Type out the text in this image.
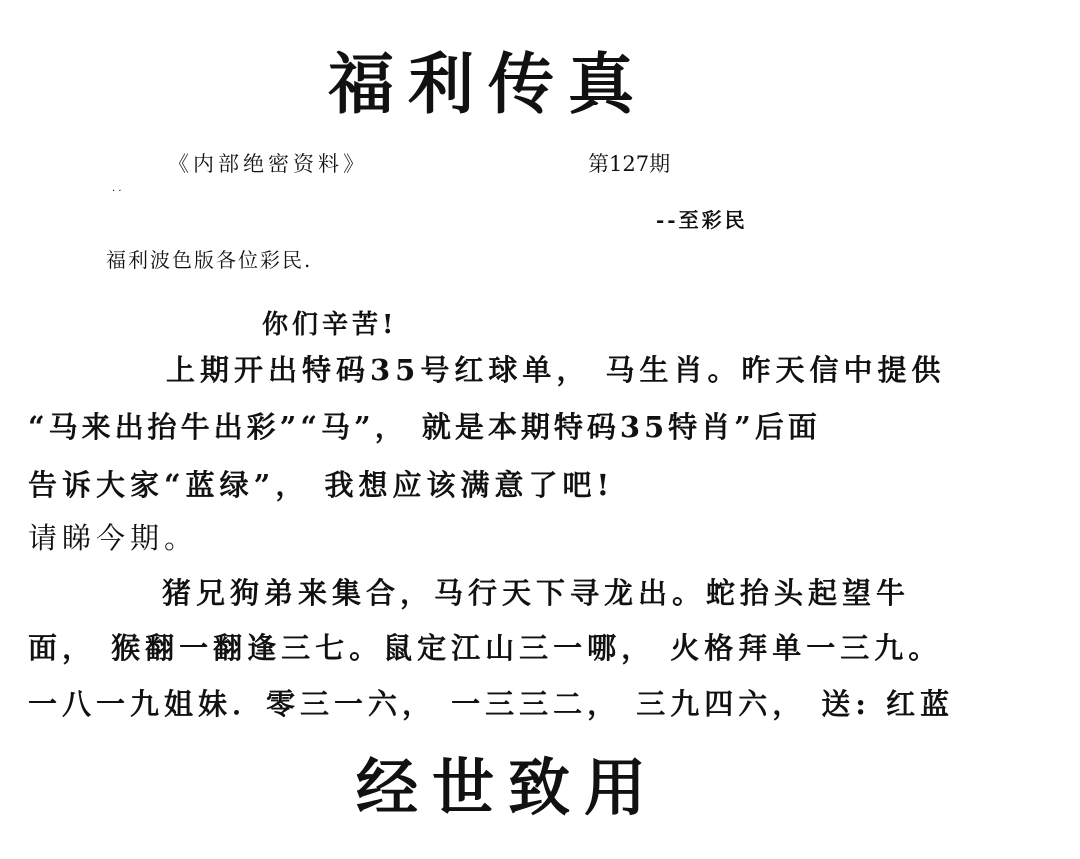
福利传真
《内部绝密资料》	第127期
· ·
--至彩民
福利波色版各位彩民.
你们辛苦!
上期开出特码35号红球单， 马生肖。昨天信中提供
“马来出抬牛出彩”“马”， 就是本期特码35特肖”后面
告诉大家“蓝绿”， 我想应该满意了吧!
请睇今期。
猪兄狗弟来集合，马行天下寻龙出。蛇抬头起望牛
面， 猴翻一翻逢三七。鼠定江山三一哪， 火格拜单一三九。
一八一九姐妹．零三一六， 一三三二， 三九四六， 送: 红蓝
经世致用
